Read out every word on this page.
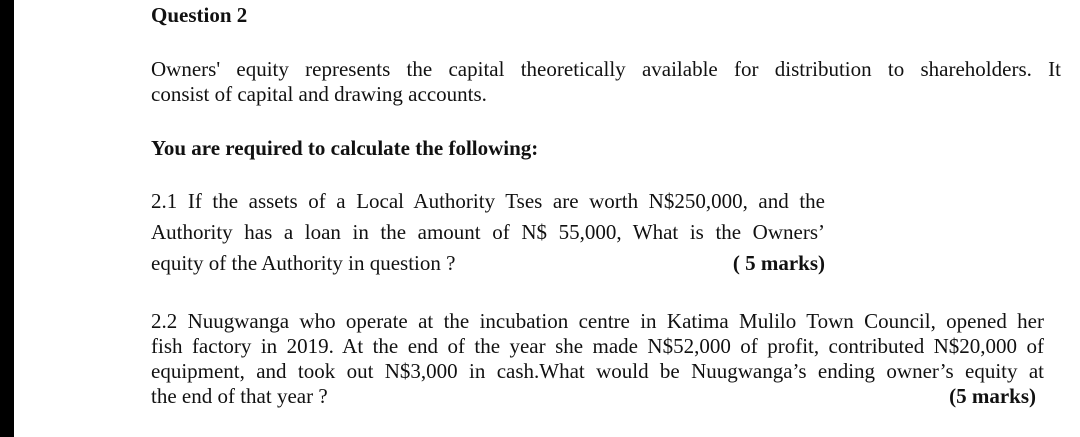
Question 2
Owners' equity represents the capital theoretically available for distribution to shareholders. It
consist of capital and drawing accounts.
You are required to calculate the following:
2.1 If the assets of a Local Authority Tses are worth N$250,000, and the
Authority has a loan in the amount of N$ 55,000, What is the Owners’
equity of the Authority in question ?	( 5 marks)
2.2 Nuugwanga who operate at the incubation centre in Katima Mulilo Town Council, opened her
fish factory in 2019. At the end of the year she made N$52,000 of profit, contributed N$20,000 of
equipment, and took out N$3,000 in cash.What would be Nuugwanga’s ending owner’s equity at
the end of that year ?	(5 marks)
